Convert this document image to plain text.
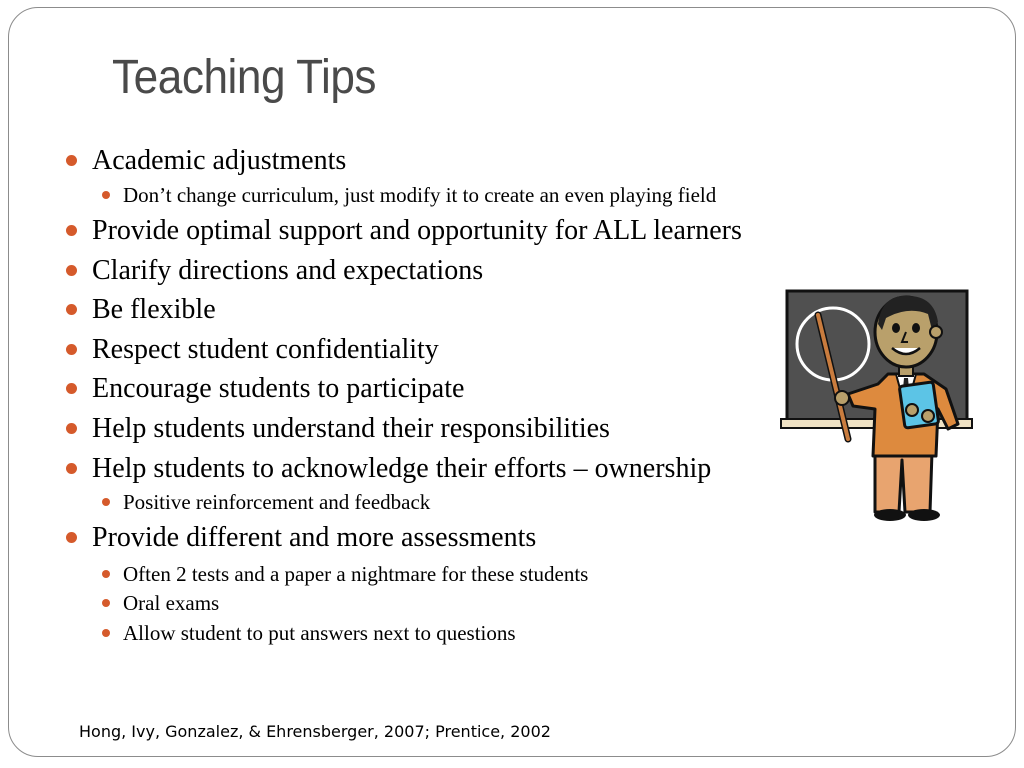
Teaching Tips
Academic adjustments
Don’t change curriculum, just modify it to create an even playing field
Provide optimal support and opportunity for ALL learners
Clarify directions and expectations
Be flexible
Respect student confidentiality
Encourage students to participate
Help students understand their responsibilities
Help students to acknowledge their efforts – ownership
Positive reinforcement and feedback
Provide different and more assessments
Often 2 tests and a paper a nightmare for these students
Oral exams
Allow student to put answers next to questions
Hong, Ivy, Gonzalez, & Ehrensberger, 2007; Prentice, 2002
